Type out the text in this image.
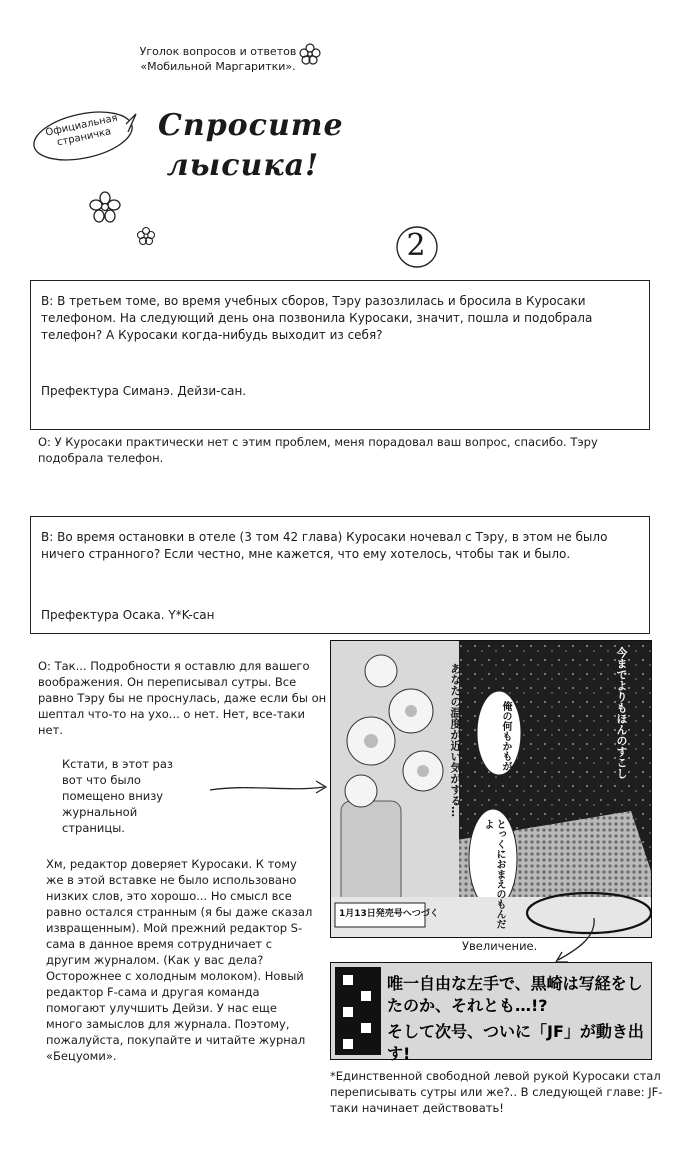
Уголок вопросов и ответов «Мобильной Маргаритки».
Официальная страничка	Спросите лысика!
2
В: В третьем томе, во время учебных сборов, Тэру разозлилась и бросила в Куросаки телефоном. На следующий день она позвонила Куросаки, значит, пошла и подобрала телефон? А Куросаки когда-нибудь выходит из себя?
Префектура Симанэ. Дейзи-сан.
О: У Куросаки практически нет с этим проблем, меня порадовал ваш вопрос, спасибо. Тэру подобрала телефон.
В: Во время остановки в отеле (3 том 42 глава) Куросаки ночевал с Тэру, в этом не было ничего странного? Если честно, мне кажется, что ему хотелось, чтобы так и было.
Префектура Осака. Y*K-сан
О: Так... Подробности я оставлю для вашего воображения. Он переписывал сутры. Все равно Тэру бы не проснулась, даже если бы он шептал что-то на ухо... о нет. Нет, все-таки нет.
Кстати, в этот раз вот что было помещено внизу журнальной страницы.
Хм, редактор доверяет Куросаки. К тому же в этой вставке не было использовано низких слов, это хорошо... Но смысл все равно остался странным (я бы даже сказал извращенным). Мой прежний редактор S-сама в данное время сотрудничает с другим журналом. (Как у вас дела? Осторожнее с холодным молоком). Новый редактор F-сама и другая команда помогают улучшить Дейзи. У нас еще много замыслов для журнала. Поэтому, пожалуйста, покупайте и читайте журнал «Бецуоми».
今までよりもほんのすこし
あなたの温度が近い気がする…	俺の何もかもが
とっくにおまえのもんだよ
1月13日発売号へつづく
Увеличение.
唯一自由な左手で、黒崎は写経をしたのか、それとも…!?
そして次号、ついに「JF」が動き出す!
*Единственной свободной левой рукой Куросаки стал переписывать сутры или же?.. В следующей главе: JF-таки начинает действовать!
